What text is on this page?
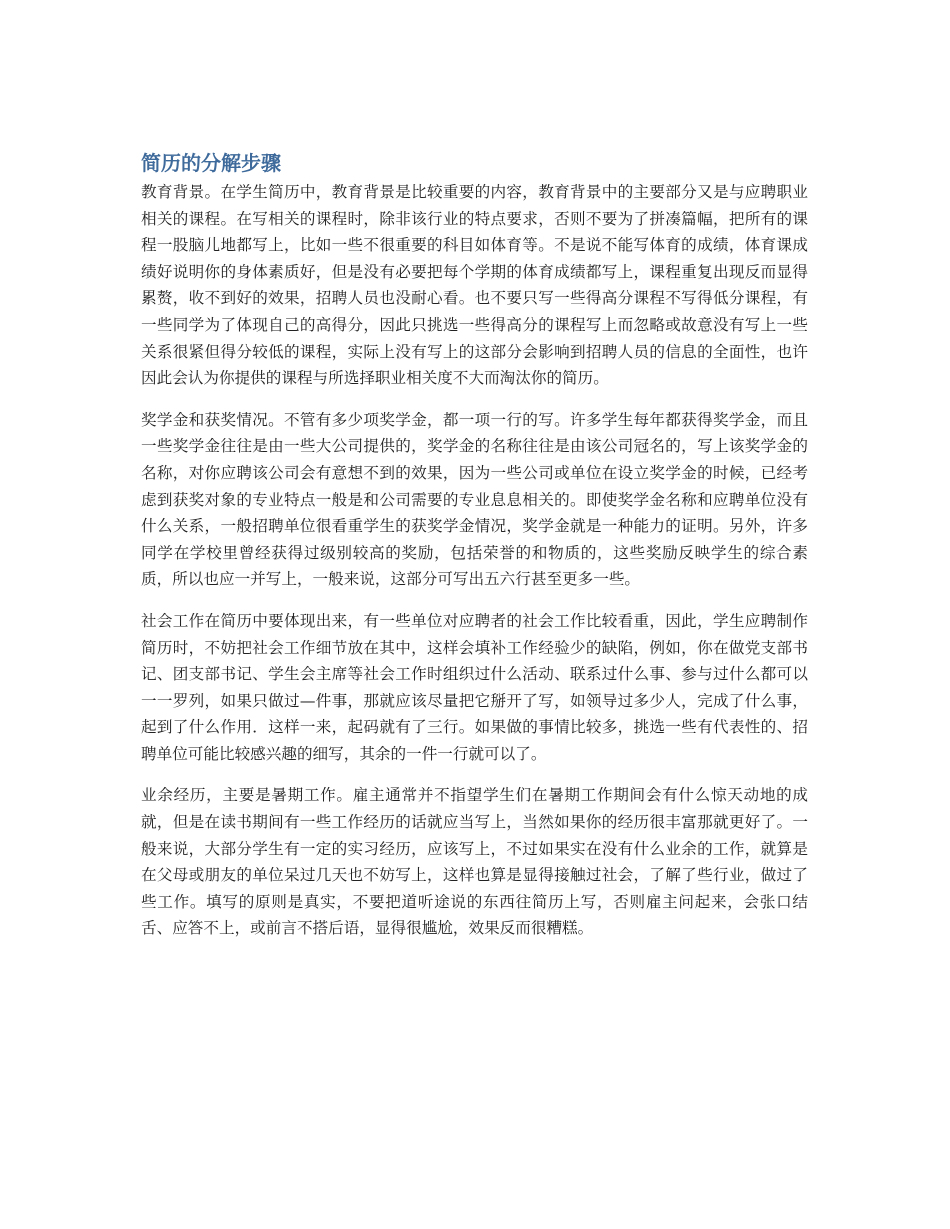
简历的分解步骤

教育背景。在学生简历中，教育背景是比较重要的内容，教育背景中的主要部分又是与应聘职业相关的课程。在写相关的课程时，除非该行业的特点要求，否则不要为了拼凑篇幅，把所有的课程一股脑儿地都写上，比如一些不很重要的科目如体育等。不是说不能写体育的成绩，体育课成绩好说明你的身体素质好，但是没有必要把每个学期的体育成绩都写上，课程重复出现反而显得累赘，收不到好的效果，招聘人员也没耐心看。也不要只写一些得高分课程不写得低分课程，有一些同学为了体现自己的高得分，因此只挑选一些得高分的课程写上而忽略或故意没有写上一些关系很紧但得分较低的课程，实际上没有写上的这部分会影响到招聘人员的信息的全面性，也许因此会认为你提供的课程与所选择职业相关度不大而淘汰你的简历。

奖学金和获奖情况。不管有多少项奖学金，都一项一行的写。许多学生每年都获得奖学金，而且一些奖学金往往是由一些大公司提供的，奖学金的名称往往是由该公司冠名的，写上该奖学金的名称，对你应聘该公司会有意想不到的效果，因为一些公司或单位在设立奖学金的时候，已经考虑到获奖对象的专业特点一般是和公司需要的专业息息相关的。即使奖学金名称和应聘单位没有什么关系，一般招聘单位很看重学生的获奖学金情况，奖学金就是一种能力的证明。另外，许多同学在学校里曾经获得过级别较高的奖励，包括荣誉的和物质的，这些奖励反映学生的综合素质，所以也应一并写上，一般来说，这部分可写出五六行甚至更多一些。

社会工作在简历中要体现出来，有一些单位对应聘者的社会工作比较看重，因此，学生应聘制作简历时，不妨把社会工作细节放在其中，这样会填补工作经验少的缺陷，例如，你在做党支部书记、团支部书记、学生会主席等社会工作时组织过什么活动、联系过什么事、参与过什么都可以一一罗列，如果只做过—件事，那就应该尽量把它掰开了写，如领导过多少人，完成了什么事，起到了什么作用．这样一来，起码就有了三行。如果做的事情比较多，挑选一些有代表性的、招聘单位可能比较感兴趣的细写，其余的一件一行就可以了。

业余经历，主要是暑期工作。雇主通常并不指望学生们在暑期工作期间会有什么惊天动地的成就，但是在读书期间有一些工作经历的话就应当写上，当然如果你的经历很丰富那就更好了。一般来说，大部分学生有一定的实习经历，应该写上，不过如果实在没有什么业余的工作，就算是在父母或朋友的单位呆过几天也不妨写上，这样也算是显得接触过社会，了解了些行业，做过了些工作。填写的原则是真实，不要把道听途说的东西往简历上写，否则雇主问起来，会张口结舌、应答不上，或前言不搭后语，显得很尴尬，效果反而很糟糕。
